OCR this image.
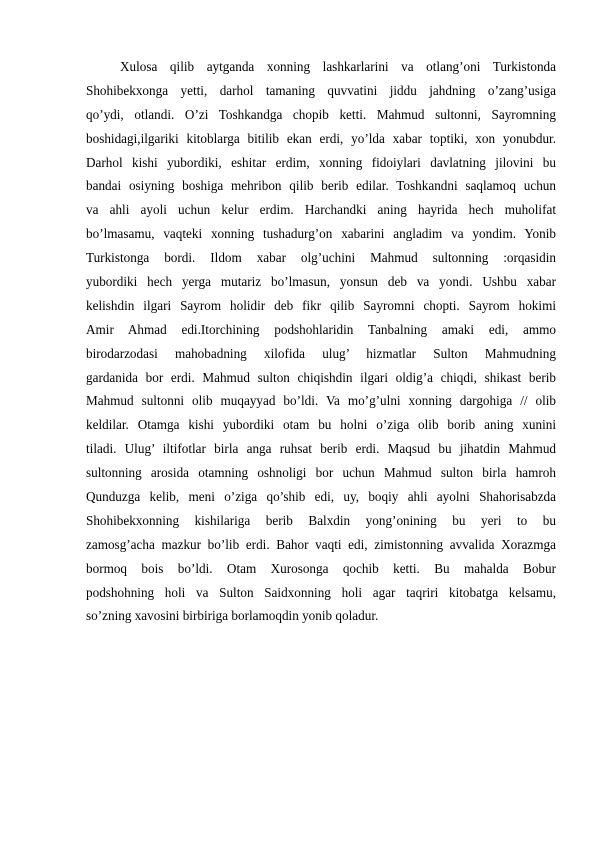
Xulosa qilib aytganda xonning lashkarlarini va otlang’oni Turkistonda
Shohibekxonga yetti, darhol tamaning quvvatini jiddu jahdning o’zang’usiga
qo’ydi, otlandi. O’zi Toshkandga chopib ketti. Mahmud sultonni, Sayromning
boshidagi,ilgariki kitoblarga bitilib ekan erdi, yo’lda xabar toptiki, xon yonubdur.
Darhol kishi yubordiki, eshitar erdim, xonning fidoiylari davlatning jilovini bu
bandai osiyning boshiga mehribon qilib berib edilar. Toshkandni saqlamoq uchun
va ahli ayoli uchun kelur erdim. Harchandki aning hayrida hech muholifat
bo’lmasamu, vaqteki xonning tushadurg’on xabarini angladim va yondim. Yonib
Turkistonga bordi. Ildom xabar olg’uchini Mahmud sultonning :orqasidin
yubordiki hech yerga mutariz bo’lmasun, yonsun deb va yondi. Ushbu xabar
kelishdin ilgari Sayrom holidir deb fikr qilib Sayromni chopti. Sayrom hokimi
Amir Ahmad edi.Itorchining podshohlaridin Tanbalning amaki edi, ammo
birodarzodasi mahobadning xilofida ulug’ hizmatlar Sulton Mahmudning
gardanida bor erdi. Mahmud sulton chiqishdin ilgari oldig’a chiqdi, shikast berib
Mahmud sultonni olib muqayyad bo’ldi. Va mo’g’ulni xonning dargohiga // olib
keldilar. Otamga kishi yubordiki otam bu holni o’ziga olib borib aning xunini
tiladi. Ulug’ iltifotlar birla anga ruhsat berib erdi. Maqsud bu jihatdin Mahmud
sultonning arosida otamning oshnoligi bor uchun Mahmud sulton birla hamroh
Qunduzga kelib, meni o’ziga qo’shib edi, uy, boqiy ahli ayolni Shahorisabzda
Shohibekxonning kishilariga berib Balxdin yong’onining bu yeri to bu
zamosg’acha mazkur bo’lib erdi. Bahor vaqti edi, zimistonning avvalida Xorazmga
bormoq bois bo’ldi. Otam Xurosonga qochib ketti. Bu mahalda Bobur
podshohning holi va Sulton Saidxonning holi agar taqriri kitobatga kelsamu,
so’zning xavosini birbiriga borlamoqdin yonib qoladur.
